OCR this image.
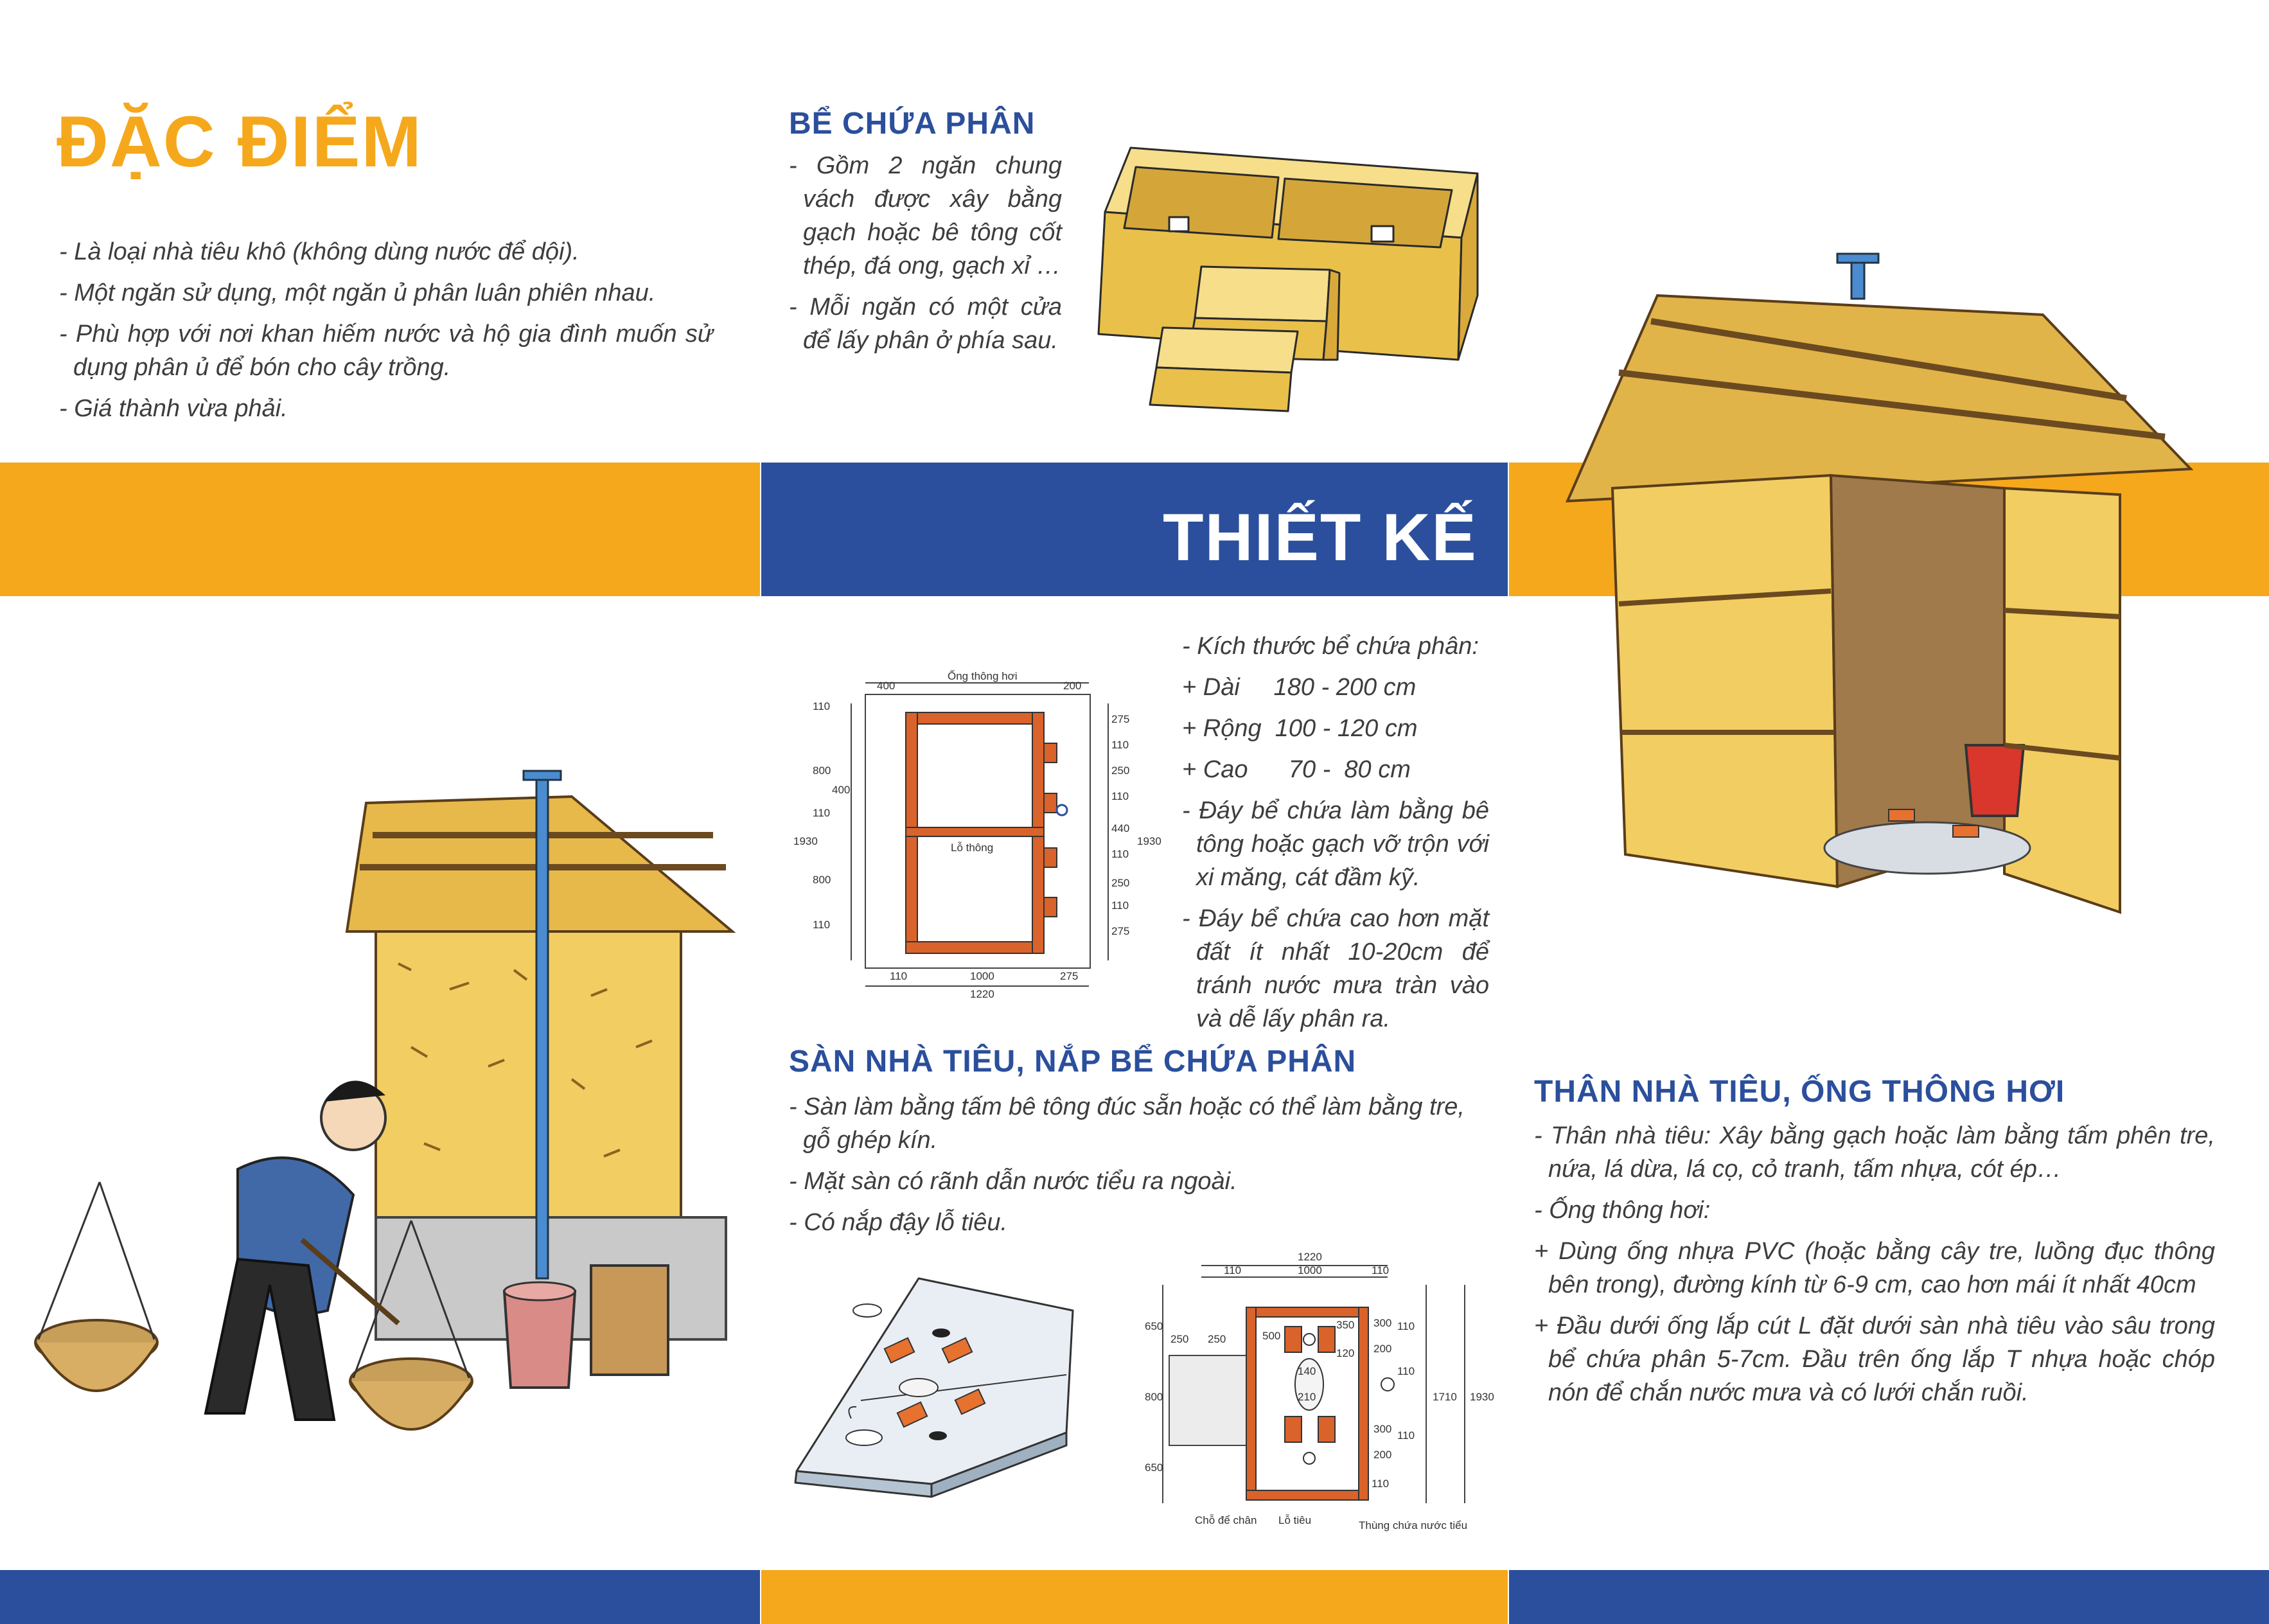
ĐẶC ĐIỂM

- Là loại nhà tiêu khô (không dùng nước để dội).

- Một ngăn sử dụng, một ngăn ủ phân luân phiên nhau.

- Phù hợp với nơi khan hiếm nước và hộ gia đình muốn sử dụng phân ủ để bón cho cây trồng.

- Giá thành vừa phải.

BỂ CHỨA PHÂN

- Gồm 2 ngăn chung vách được xây bằng gạch hoặc bê tông cốt thép, đá ong, gạch xỉ …

- Mỗi ngăn có một cửa để lấy phân ở phía sau.

THIẾT KẾ

- Kích thước bể chứa phân:

+ Dài     180 - 200 cm

+ Rộng  100 - 120 cm

+ Cao      70 -  80 cm

- Đáy bể chứa làm bằng bê tông hoặc gạch vỡ trộn với xi măng, cát đầm kỹ.

- Đáy bể chứa cao hơn mặt đất ít nhất 10-20cm để tránh nước mưa tràn vào và dễ lấy phân ra.

Ống thông hơi
Lỗ thông
400	200
110
800
400
110
800
110
1930
275
110
250
110
440
110
250
110
275
1930
110	1000	275
1220
SÀN NHÀ TIÊU, NẮP BỂ CHỨA PHÂN

- Sàn làm bằng tấm bê tông đúc sẵn hoặc có thể làm bằng tre, gỗ ghép kín.

- Mặt sàn có rãnh dẫn nước tiểu ra ngoài.

- Có nắp đậy lỗ tiêu.

Chỗ để chân Lỗ tiêu	Thùng chứa nước tiểu
1220
110	1000	110
650
250 250
800
650
500
350
120
140
210
300
200
110
110
300
200
110
110
1710 1930
THÂN NHÀ TIÊU, ỐNG THÔNG HƠI

- Thân nhà tiêu: Xây bằng gạch hoặc làm bằng tấm phên tre, nứa, lá dừa, lá cọ, cỏ tranh, tấm nhựa, cót ép…

- Ống thông hơi:

+ Dùng ống nhựa PVC (hoặc bằng cây tre, luồng đục thông bên trong), đường kính từ 6-9 cm, cao hơn mái ít nhất 40cm

+ Đầu dưới ống lắp cút L đặt dưới sàn nhà tiêu vào sâu trong bể chứa phân 5-7cm. Đầu trên ống lắp T nhựa hoặc chóp nón để chắn nước mưa và có lưới chắn ruồi.
